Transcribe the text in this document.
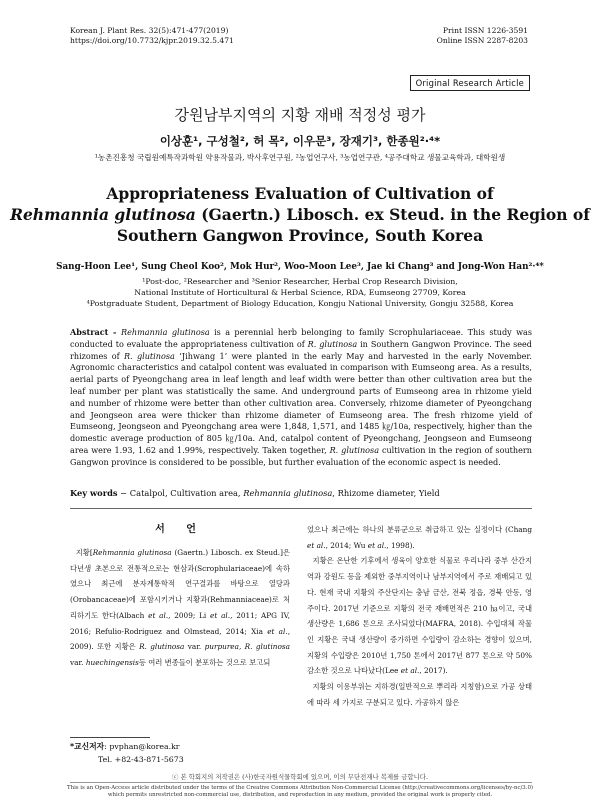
Korean J. Plant Res. 32(5):471-477(2019)
https://doi.org/10.7732/kjpr.2019.32.5.471
Print ISSN 1226-3591
Online ISSN 2287-8203
Original Research Article
강원남부지역의 지황 재배 적정성 평가
이상훈¹, 구성철², 허 목², 이우문³, 장재기³, 한종원²·⁴*
¹농촌진흥청 국립원예특작과학원 약용작물과, 박사후연구원, ²농업연구사, ³농업연구관, ⁴공주대학교 생물교육학과, 대학원생
Appropriateness Evaluation of Cultivation of
Rehmannia glutinosa (Gaertn.) Libosch. ex Steud. in the Region of
Southern Gangwon Province, South Korea
Sang-Hoon Lee¹, Sung Cheol Koo², Mok Hur², Woo-Moon Lee³, Jae ki Chang³ and Jong-Won Han²·⁴*
¹Post-doc, ²Researcher and ³Senior Researcher, Herbal Crop Research Division,
National Institute of Horticultural & Herbal Science, RDA, Eumseong 27709, Korea
⁴Postgraduate Student, Department of Biology Education, Kongju National University, Gongju 32588, Korea
Abstract - Rehmannia glutinosa is a perennial herb belonging to family Scrophulariaceae. This study was conducted to evaluate the appropriateness cultivation of R. glutinosa in Southern Gangwon Province. The seed rhizomes of R. glutinosa ‘Jihwang 1’ were planted in the early May and harvested in the early November. Agronomic characteristics and catalpol content was evaluated in comparison with Eumseong area. As a results, aerial parts of Pyeongchang area in leaf length and leaf width were better than other cultivation area but the leaf number per plant was statistically the same. And underground parts of Eumseong area in rhizome yield and number of rhizome were better than other cultivation area. Conversely, rhizome diameter of Pyeongchang and Jeongseon area were thicker than rhizome diameter of Eumseong area. The fresh rhizome yield of Eumseong, Jeongseon and Pyeongchang area were 1,848, 1,571, and 1485 ㎏/10a, respectively, higher than the domestic average production of 805 ㎏/10a. And, catalpol content of Pyeongchang, Jeongseon and Eumseong area were 1.93, 1.62 and 1.99%, respectively. Taken together, R. glutinosa cultivation in the region of southern Gangwon province is considered to be possible, but further evaluation of the economic aspect is needed.
Key words − Catalpol, Cultivation area, Rehmannia glutinosa, Rhizome diameter, Yield
서 언

지황[Rehmannia glutinosa (Gaertn.) Libosch. ex Steud.]은 다년생 초본으로 전통적으로는 현삼과(Scrophulariaceae)에 속하였으나 최근에 분자계통학적 연구결과를 바탕으로 열당과(Orobancaceae)에 포함시키거나 지황과(Rehmanniaceae)로 처리하기도 한다(Albach et al., 2009; Li et al., 2011; APG IV, 2016; Refulio-Rodriguez and Olmstead, 2014; Xia et al., 2009). 또한 지황은 R. glutinosa var. purpurea, R. glutinosa var. huechingensis등 여러 변종들이 분포하는 것으로 보고되

었으나 최근에는 하나의 분류군으로 취급하고 있는 실정이다 (Chang et al., 2014; Wu et al., 1998).

지황은 온난한 기후에서 생육이 양호한 식물로 우리나라 중부 산간지역과 강원도 등을 제외한 중부지역이나 남부지역에서 주로 재배되고 있다. 현재 국내 지황의 주산단지는 충남 금산, 전북 정읍, 경북 안동, 영주이다. 2017년 기준으로 지황의 전국 재배면적은 210 ㏊이고, 국내 생산량은 1,686 톤으로 조사되었다(MAFRA, 2018). 수입대체 작물인 지황은 국내 생산량이 증가하면 수입량이 감소하는 경향이 있으며, 지황의 수입량은 2010년 1,750 톤에서 2017년 877 톤으로 약 50% 감소한 것으로 나타났다(Lee et al., 2017).

지황의 이용부위는 지하경(일반적으로 뿌리라 지칭함)으로 가공 상태에 따라 세 가지로 구분되고 있다. 가공하지 않은

*교신저자: pvphan@korea.kr
Tel. +82-43-871-5673
ⓒ 본 학회지의 저작권은 (사)한국자원식물학회에 있으며, 이의 무단전재나 복제를 금합니다.
This is an Open-Access article distributed under the terms of the Creative Commons Attribution Non-Commercial License (http://creativecommons.org/licenses/by-nc/3.0)
which permits unrestricted non-commercial use, distribution, and reproduction in any medium, provided the original work is properly cited.
